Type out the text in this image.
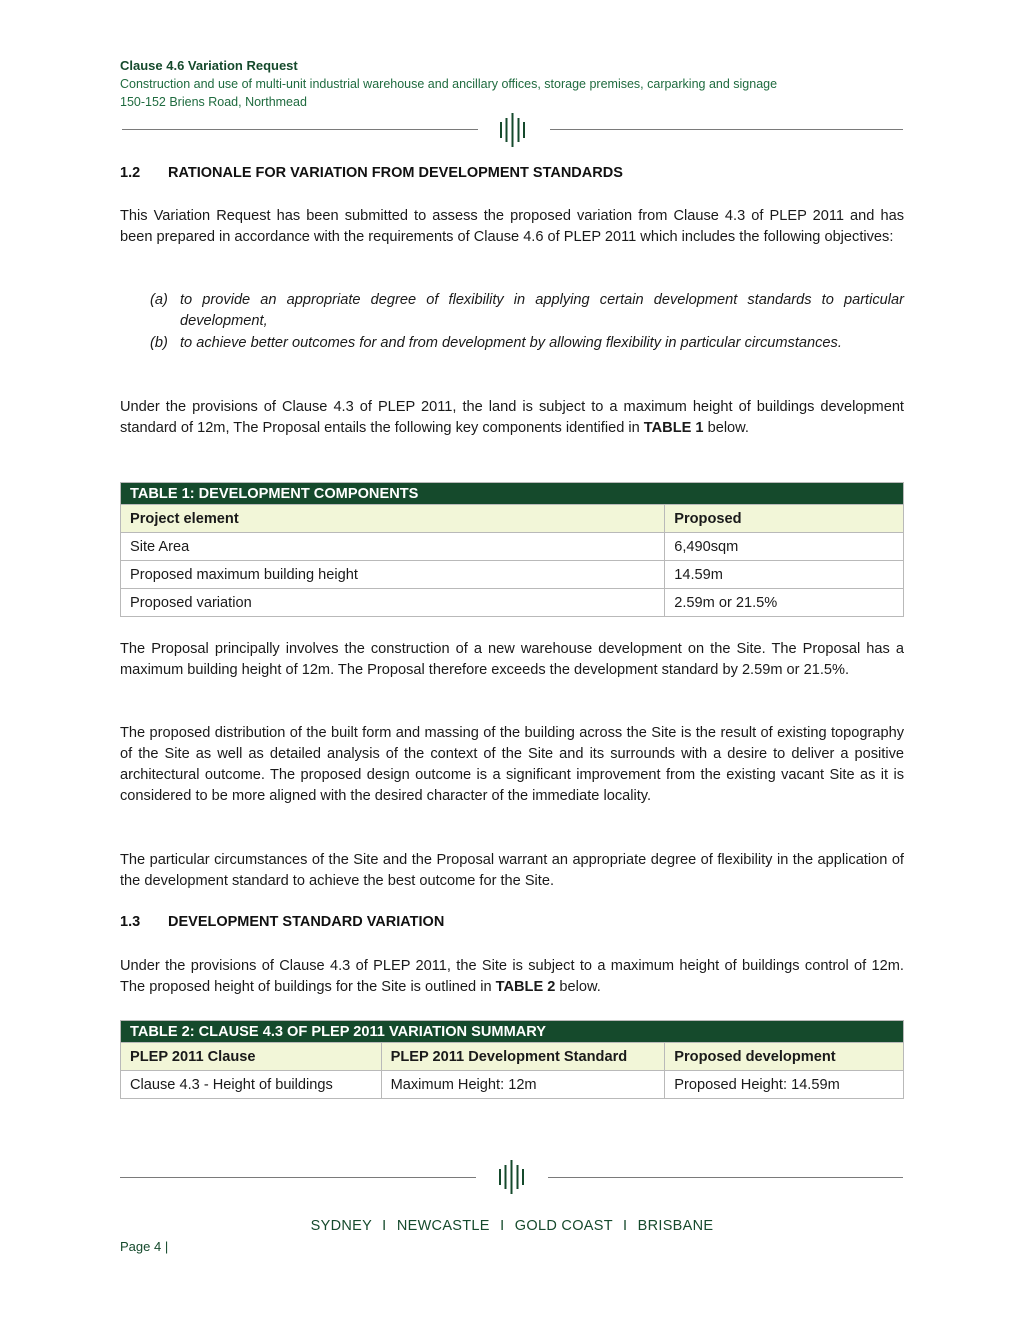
Clause 4.6 Variation Request
Construction and use of multi-unit industrial warehouse and ancillary offices, storage premises, carparking and signage
150-152 Briens Road, Northmead
1.2 RATIONALE FOR VARIATION FROM DEVELOPMENT STANDARDS
This Variation Request has been submitted to assess the proposed variation from Clause 4.3 of PLEP 2011 and has been prepared in accordance with the requirements of Clause 4.6 of PLEP 2011 which includes the following objectives:
(a) to provide an appropriate degree of flexibility in applying certain development standards to particular development,
(b) to achieve better outcomes for and from development by allowing flexibility in particular circumstances.
Under the provisions of Clause 4.3 of PLEP 2011, the land is subject to a maximum height of buildings development standard of 12m, The Proposal entails the following key components identified in TABLE 1 below.
TABLE 1: DEVELOPMENT COMPONENTS	
Project element	Proposed
Site Area	6,490sqm
Proposed maximum building height	14.59m
Proposed variation	2.59m or 21.5%
The Proposal principally involves the construction of a new warehouse development on the Site. The Proposal has a maximum building height of 12m. The Proposal therefore exceeds the development standard by 2.59m or 21.5%.
The proposed distribution of the built form and massing of the building across the Site is the result of existing topography of the Site as well as detailed analysis of the context of the Site and its surrounds with a desire to deliver a positive architectural outcome. The proposed design outcome is a significant improvement from the existing vacant Site as it is considered to be more aligned with the desired character of the immediate locality.
The particular circumstances of the Site and the Proposal warrant an appropriate degree of flexibility in the application of the development standard to achieve the best outcome for the Site.
1.3 DEVELOPMENT STANDARD VARIATION
Under the provisions of Clause 4.3 of PLEP 2011, the Site is subject to a maximum height of buildings control of 12m. The proposed height of buildings for the Site is outlined in TABLE 2 below.
TABLE 2: CLAUSE 4.3 OF PLEP 2011 VARIATION SUMMARY		
PLEP 2011 Clause	PLEP 2011 Development Standard	Proposed development
Clause 4.3 - Height of buildings	Maximum Height: 12m	Proposed Height: 14.59m
SYDNEY I NEWCASTLE I GOLD COAST I BRISBANE
Page 4 |
